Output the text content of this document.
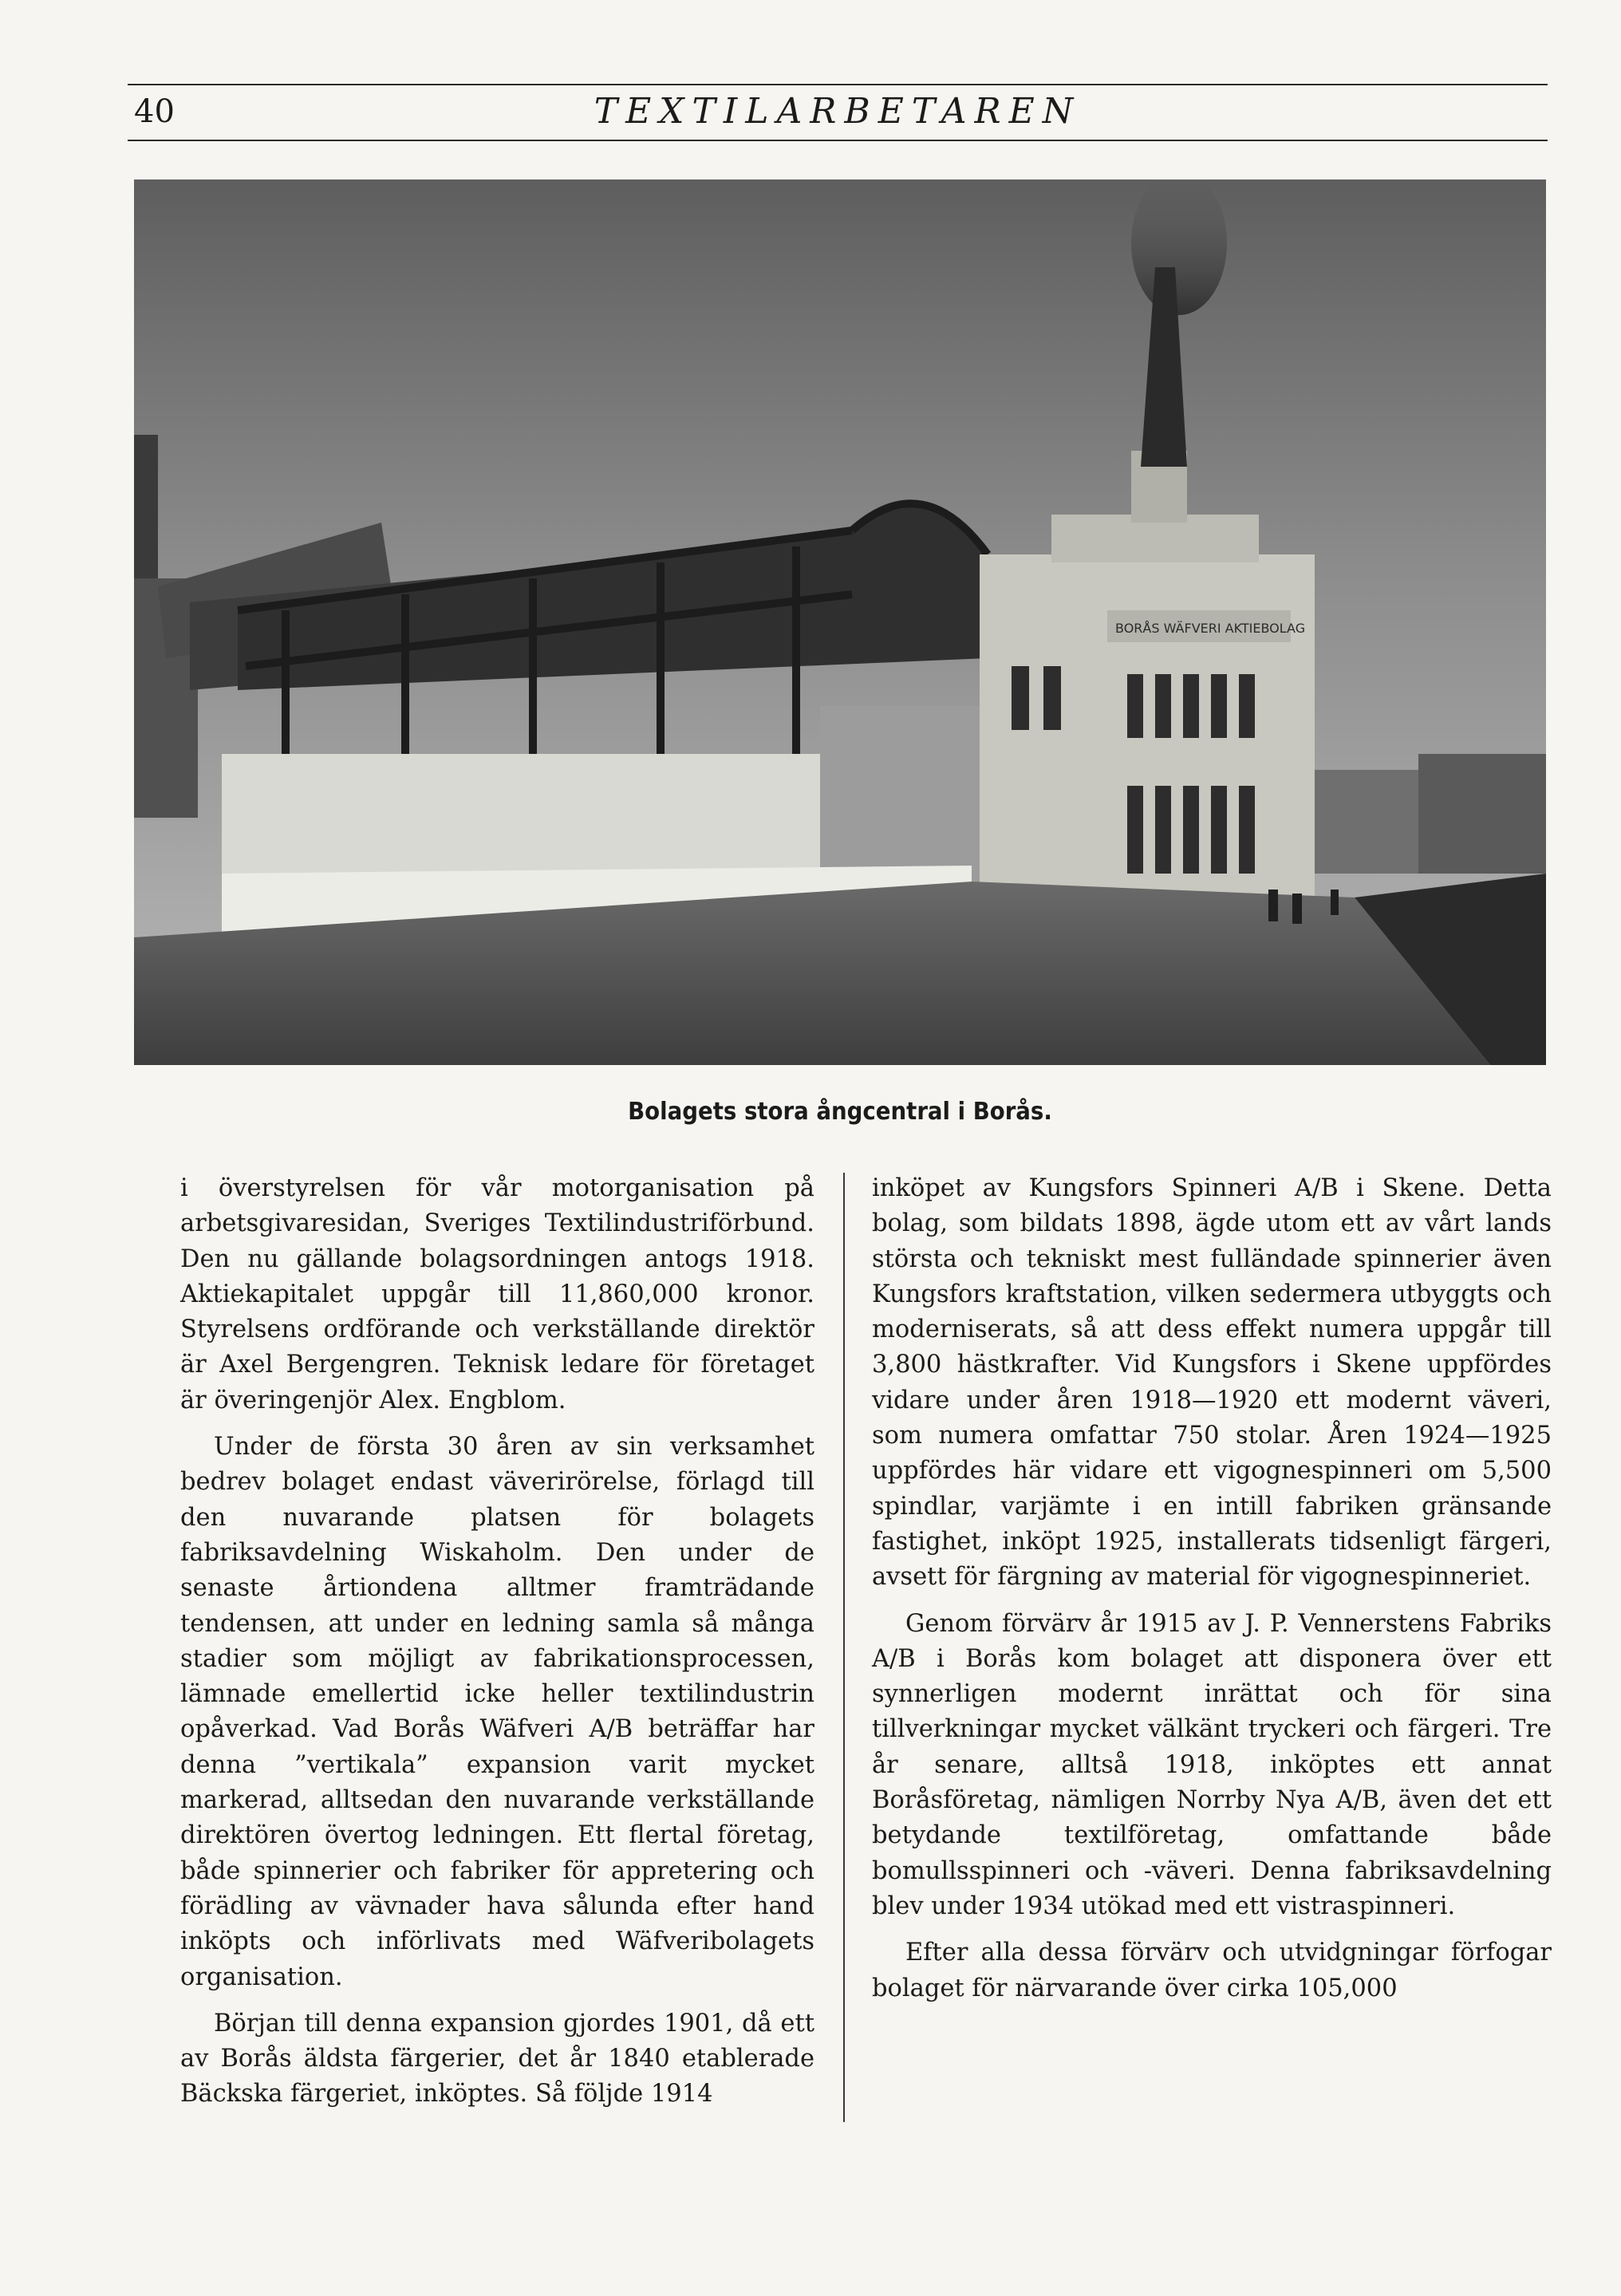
40	TEXTILARBETAREN
BORÅS WÄFVERI AKTIEBOLAG
Bolagets stora ångcentral i Borås.

i överstyrelsen för vår motorganisation på arbetsgivaresidan, Sveriges Textilindustriförbund. Den nu gällande bolagsordningen antogs 1918. Aktiekapitalet uppgår till 11,860,000 kronor. Styrelsens ordförande och verkställande direktör är Axel Bergengren. Teknisk ledare för företaget är överingenjör Alex. Engblom.

Under de första 30 åren av sin verksamhet bedrev bolaget endast väverirörelse, förlagd till den nuvarande platsen för bolagets fabriksavdelning Wiskaholm. Den under de senaste årtiondena alltmer framträdande tendensen, att under en ledning samla så många stadier som möjligt av fabrikationsprocessen, lämnade emellertid icke heller textilindustrin opåverkad. Vad Borås Wäfveri A/B beträffar har denna ”vertikala” expansion varit mycket markerad, alltsedan den nuvarande verkställande direktören övertog ledningen. Ett flertal företag, både spinnerier och fabriker för appretering och förädling av vävnader hava sålunda efter hand inköpts och införlivats med Wäfveribolagets organisation.

Början till denna expansion gjordes 1901, då ett av Borås äldsta färgerier, det år 1840 etablerade Bäckska färgeriet, inköptes. Så följde 1914

inköpet av Kungsfors Spinneri A/B i Skene. Detta bolag, som bildats 1898, ägde utom ett av vårt lands största och tekniskt mest fulländade spinnerier även Kungsfors kraftstation, vilken sedermera utbyggts och moderniserats, så att dess effekt numera uppgår till 3,800 hästkrafter. Vid Kungsfors i Skene uppfördes vidare under åren 1918—1920 ett modernt väveri, som numera omfattar 750 stolar. Åren 1924—1925 uppfördes här vidare ett vigognespinneri om 5,500 spindlar, varjämte i en intill fabriken gränsande fastighet, inköpt 1925, installerats tidsenligt färgeri, avsett för färgning av material för vigognespinneriet.

Genom förvärv år 1915 av J. P. Vennerstens Fabriks A/B i Borås kom bolaget att disponera över ett synnerligen modernt inrättat och för sina tillverkningar mycket välkänt tryckeri och färgeri. Tre år senare, alltså 1918, inköptes ett annat Boråsföretag, nämligen Norrby Nya A/B, även det ett betydande textilföretag, omfattande både bomullsspinneri och -väveri. Denna fabriksavdelning blev under 1934 utökad med ett vistraspinneri.

Efter alla dessa förvärv och utvidgningar förfogar bolaget för närvarande över cirka 105,000
